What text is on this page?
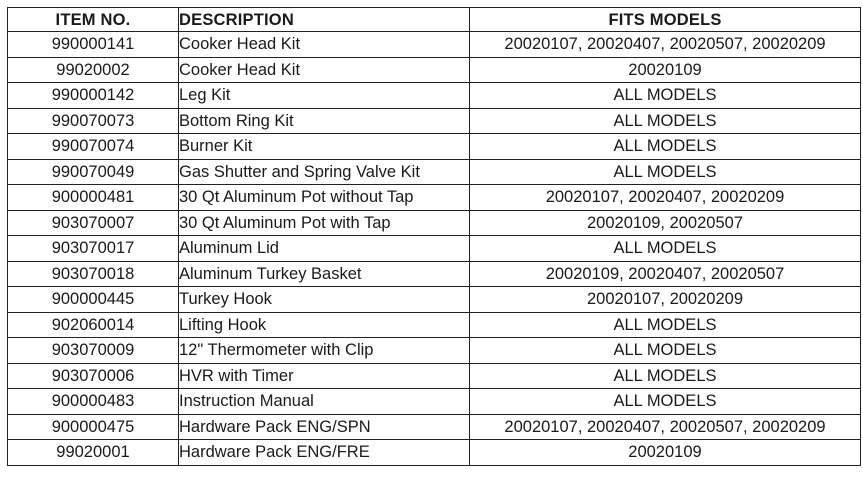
ITEM NO.	DESCRIPTION	FITS MODELS
990000141	Cooker Head Kit	20020107, 20020407, 20020507, 20020209
99020002	Cooker Head Kit	20020109
990000142	Leg Kit	ALL MODELS
990070073	Bottom Ring Kit	ALL MODELS
990070074	Burner Kit	ALL MODELS
990070049	Gas Shutter and Spring Valve Kit	ALL MODELS
900000481	30 Qt Aluminum Pot without Tap	20020107, 20020407, 20020209
903070007	30 Qt Aluminum Pot with Tap	20020109, 20020507
903070017	Aluminum Lid	ALL MODELS
903070018	Aluminum Turkey Basket	20020109, 20020407, 20020507
900000445	Turkey Hook	20020107, 20020209
902060014	Lifting Hook	ALL MODELS
903070009	12" Thermometer with Clip	ALL MODELS
903070006	HVR with Timer	ALL MODELS
900000483	Instruction Manual	ALL MODELS
900000475	Hardware Pack ENG/SPN	20020107, 20020407, 20020507, 20020209
99020001	Hardware Pack ENG/FRE	20020109
